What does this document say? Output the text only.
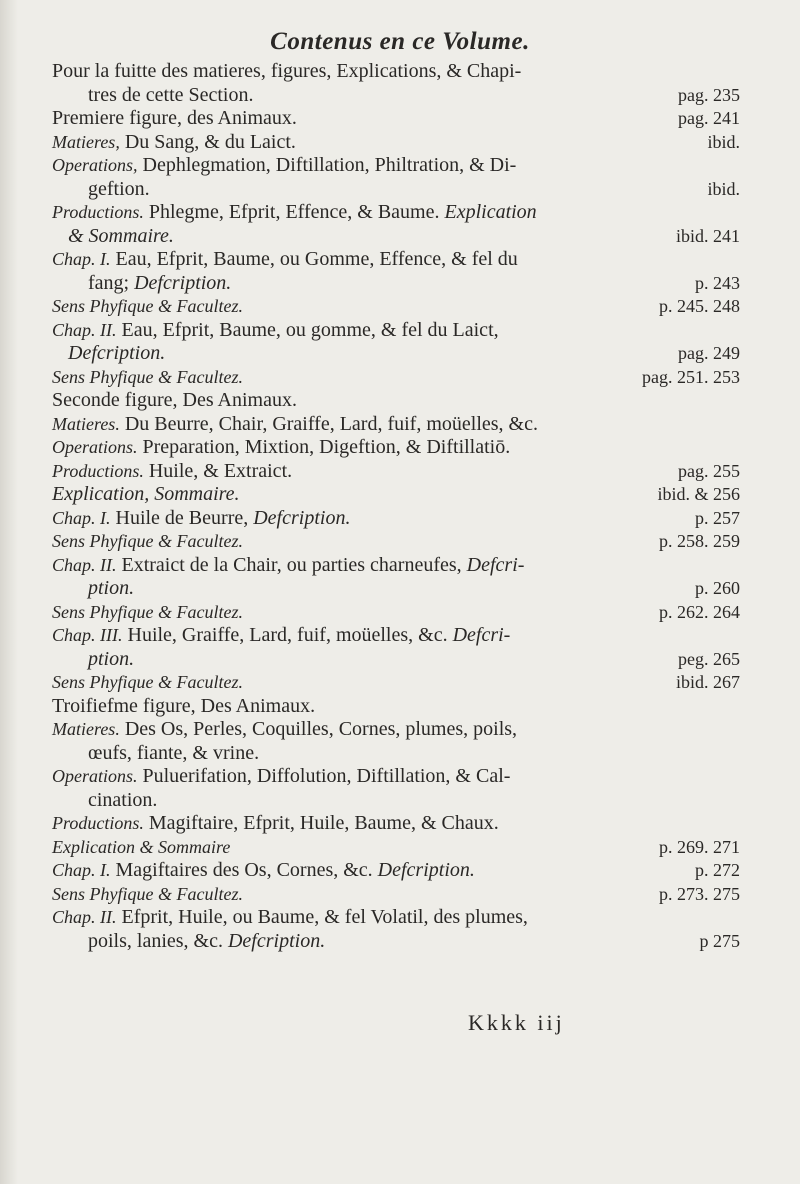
Contenus en ce Volume.
Pour la fuitte des matieres, figures, Explications, & Chapi-
tres de cette Section.	pag. 235
Premiere figure, des Animaux.	pag. 241
Matieres, Du Sang, & du Laict.	ibid.
Operations, Dephlegmation, Diftillation, Philtration, & Di-
geftion.	ibid.
Productions. Phlegme, Efprit, Effence, & Baume. Explication
& Sommaire.	ibid. 241
Chap. I. Eau, Efprit, Baume, ou Gomme, Effence, & fel du
fang; Defcription.	p. 243
Sens Phyfique & Facultez.	p. 245. 248
Chap. II. Eau, Efprit, Baume, ou gomme, & fel du Laict,
Defcription.	pag. 249
Sens Phyfique & Facultez.	pag. 251. 253
Seconde figure, Des Animaux.
Matieres. Du Beurre, Chair, Graiffe, Lard, fuif, moüelles, &c.
Operations. Preparation, Mixtion, Digeftion, & Diftillatiō.
Productions. Huile, & Extraict.	pag. 255
Explication, Sommaire.	ibid. & 256
Chap. I. Huile de Beurre, Defcription.	p. 257
Sens Phyfique & Facultez.	p. 258. 259
Chap. II. Extraict de la Chair, ou parties charneufes, Defcri-
ption.	p. 260
Sens Phyfique & Facultez.	p. 262. 264
Chap. III. Huile, Graiffe, Lard, fuif, moüelles, &c. Defcri-
ption.	peg. 265
Sens Phyfique & Facultez.	ibid. 267
Troifiefme figure, Des Animaux.
Matieres. Des Os, Perles, Coquilles, Cornes, plumes, poils,
œufs, fiante, & vrine.
Operations. Puluerifation, Diffolution, Diftillation, & Cal-
cination.
Productions. Magiftaire, Efprit, Huile, Baume, & Chaux.
Explication & Sommaire	p. 269. 271
Chap. I. Magiftaires des Os, Cornes, &c. Defcription.	p. 272
Sens Phyfique & Facultez.	p. 273. 275
Chap. II. Efprit, Huile, ou Baume, & fel Volatil, des plumes,
poils, lanies, &c. Defcription.	p 275
Kkkk iij
